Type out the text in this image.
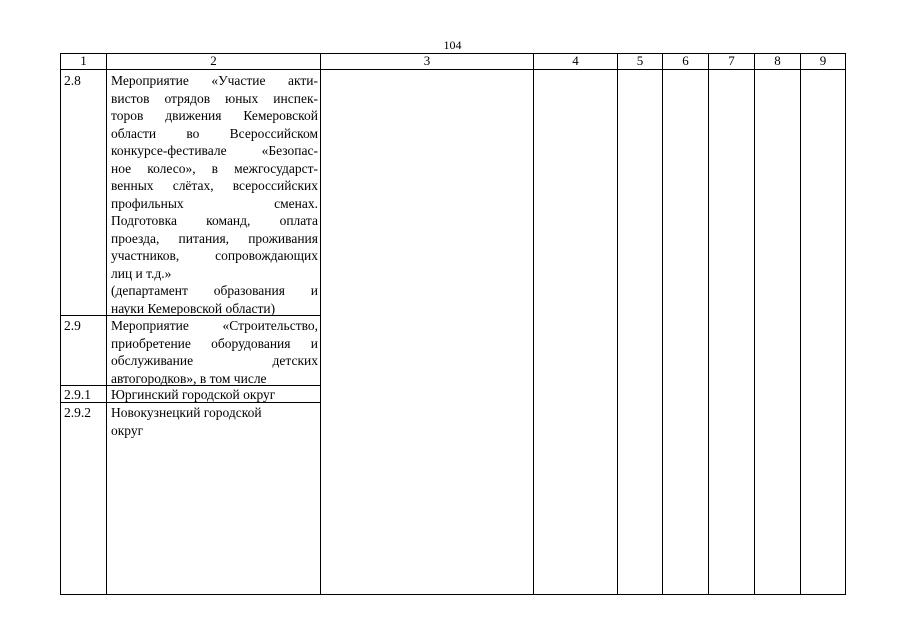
104
1	2	3	4	5	6	7	8	9
2.8	Мероприятие «Участие акти-
вистов отрядов юных инспек-
торов движения Кемеровской
области во Всероссийском
конкурсе-фестивале «Безопас-
ное колесо», в межгосударст-
венных слётах, всероссийских
профильных сменах.
Подготовка команд, оплата
проезда, питания, проживания
участников, сопровождающих
лиц и т.д.»
(департамент образования и
науки Кемеровской области)
2.9	Мероприятие «Строительство,
приобретение оборудования и
обслуживание детских
автогородков», в том числе
2.9.1	Юргинский городской округ
2.9.2	Новокузнецкий городской
округ
